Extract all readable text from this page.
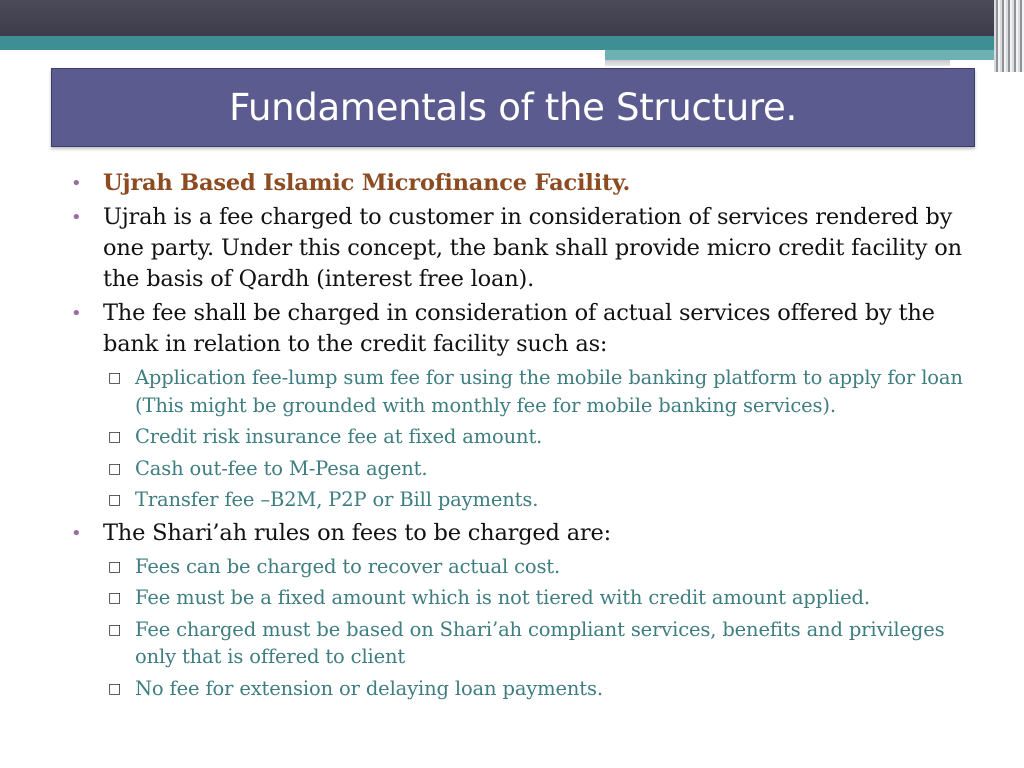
Fundamentals of the Structure.
• Ujrah Based Islamic Microfinance Facility.
• Ujrah is a fee charged to customer in consideration of services rendered by one party. Under this concept, the bank shall provide micro credit facility on the basis of Qardh (interest free loan).
• The fee shall be charged in consideration of actual services offered by the bank in relation to the credit facility such as:
□ Application fee-lump sum fee for using the mobile banking platform to apply for loan (This might be grounded with monthly fee for mobile banking services).
□ Credit risk insurance fee at fixed amount.
□ Cash out-fee to M-Pesa agent.
□ Transfer fee –B2M, P2P or Bill payments.
• The Shari’ah rules on fees to be charged are:
□ Fees can be charged to recover actual cost.
□ Fee must be a fixed amount which is not tiered with credit amount applied.
□ Fee charged must be based on Shari’ah compliant services, benefits and privileges only that is offered to client
□ No fee for extension or delaying loan payments.
